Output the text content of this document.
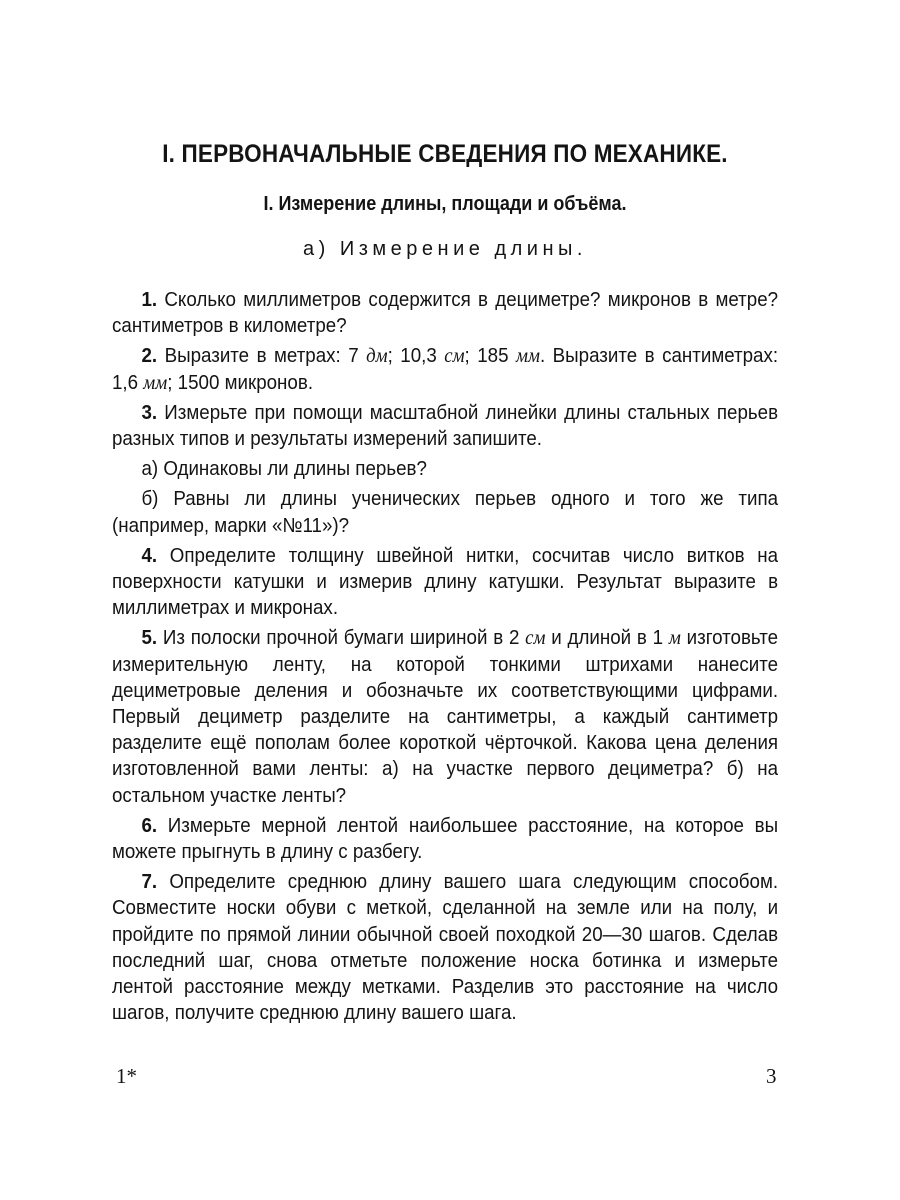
I. ПЕРВОНАЧАЛЬНЫЕ СВЕДЕНИЯ ПО МЕХАНИКЕ.
I. Измерение длины, площади и объёма.
а) Измерение длины.

1. Сколько миллиметров содержится в дециметре? микронов в метре? сантиметров в километре?

2. Выразите в метрах: 7 дм; 10,3 см; 185 мм. Выразите в сантиметрах: 1,6 мм; 1500 микронов.

3. Измерьте при помощи масштабной линейки длины стальных перьев разных типов и результаты измерений запишите.

а) Одинаковы ли длины перьев?

б) Равны ли длины ученических перьев одного и того же типа (например, марки «№11»)?

4. Определите толщину швейной нитки, сосчитав число витков на поверхности катушки и измерив длину катушки. Результат выразите в миллиметрах и микронах.

5. Из полоски прочной бумаги шириной в 2 см и длиной в 1 м изготовьте измерительную ленту, на которой тонкими штрихами нанесите дециметровые деления и обозначьте их соответствующими цифрами. Первый дециметр разделите на сантиметры, а каждый сантиметр разделите ещё пополам более короткой чёрточкой. Какова цена деления изготовленной вами ленты: а) на участке первого дециметра? б) на остальном участке ленты?

6. Измерьте мерной лентой наибольшее расстояние, на которое вы можете прыгнуть в длину с разбегу.

7. Определите среднюю длину вашего шага следующим способом. Совместите носки обуви с меткой, сделанной на земле или на полу, и пройдите по прямой линии обычной своей походкой 20—30 шагов. Сделав последний шаг, снова отметьте положение носка ботинка и измерьте лентой расстояние между метками. Разделив это расстояние на число шагов, получите среднюю длину вашего шага.

1*	3
